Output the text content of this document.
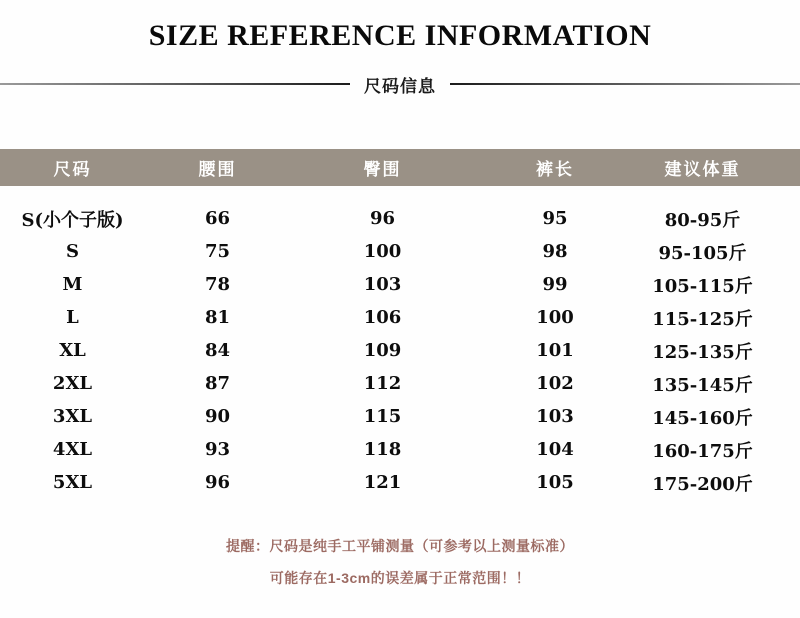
SIZE REFERENCE INFORMATION
尺码信息
尺码	腰围	臀围	裤长	建议体重
S(小个子版)	66	96	95	80-95斤
S	75	100	98	95-105斤
M	78	103	99	105-115斤
L	81	106	100	115-125斤
XL	84	109	101	125-135斤
2XL	87	112	102	135-145斤
3XL	90	115	103	145-160斤
4XL	93	118	104	160-175斤
5XL	96	121	105	175-200斤

提醒：尺码是纯手工平铺测量（可参考以上测量标准）

可能存在1-3cm的误差属于正常范围！！
